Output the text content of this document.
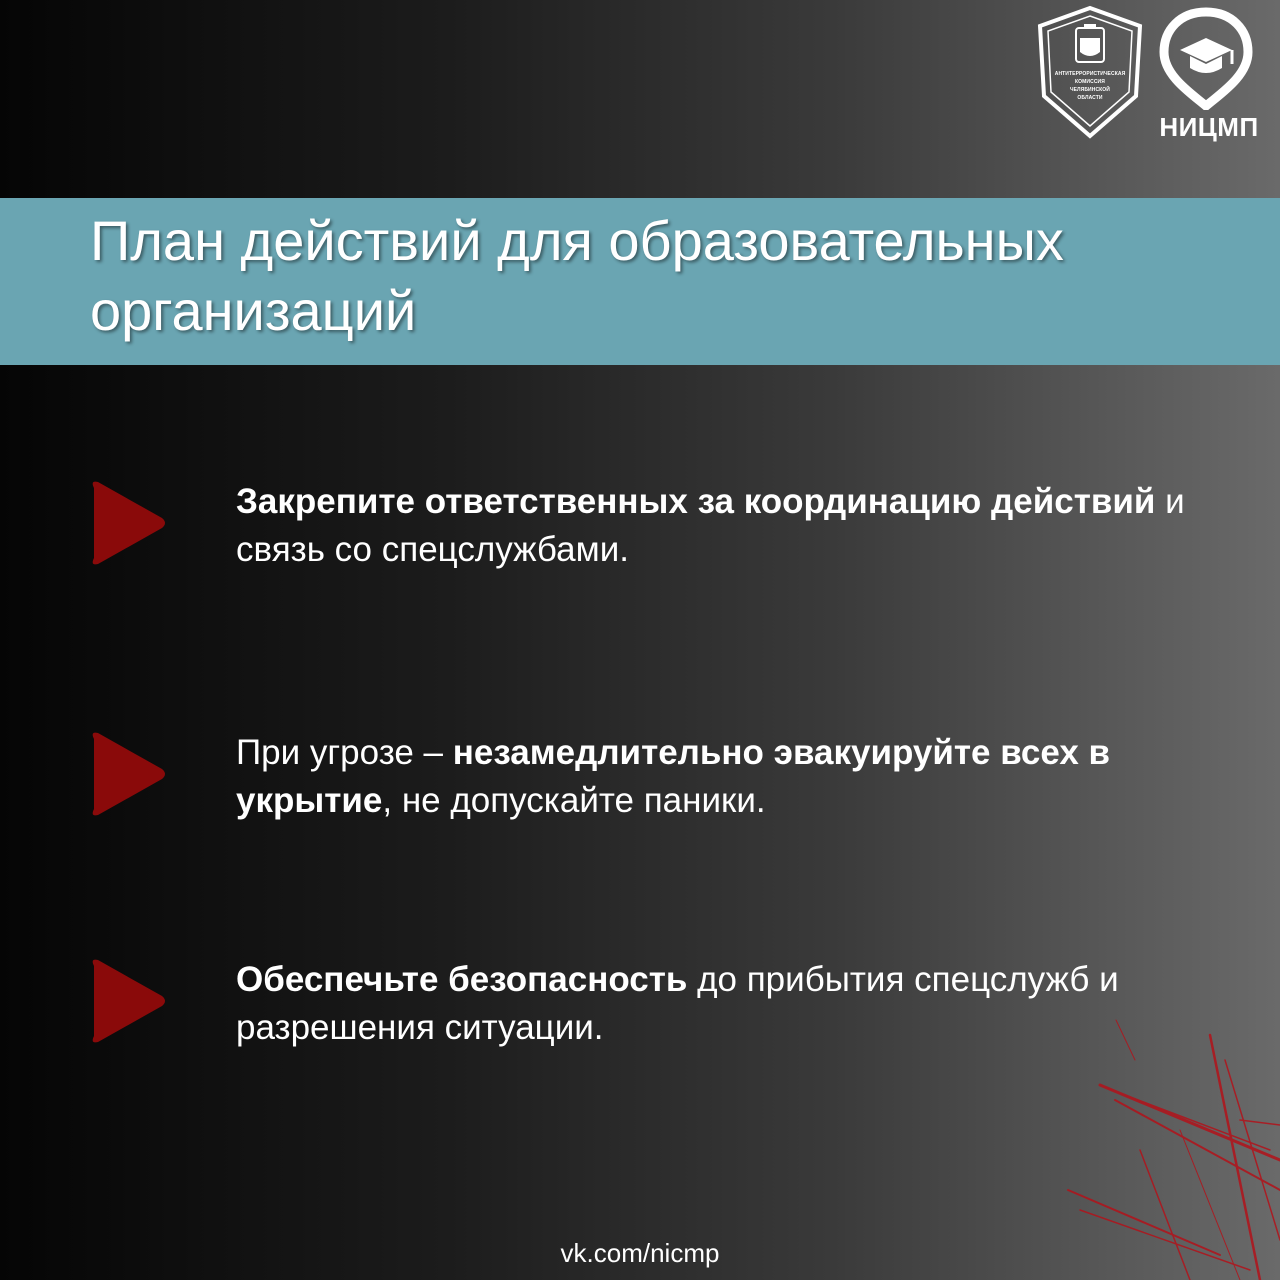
АНТИТЕРРОРИСТИЧЕСКАЯ
КОМИССИЯ
ЧЕЛЯБИНСКОЙ
ОБЛАСТИ
НИЦМП
План действий для образовательных организаций
Закрепите ответственных за координацию действий и связь со спецслужбами.
При угрозе – незамедлительно эвакуируйте всех в укрытие, не допускайте паники.
Обеспечьте безопасность до прибытия спецслужб и разрешения ситуации.
vk.com/nicmp
